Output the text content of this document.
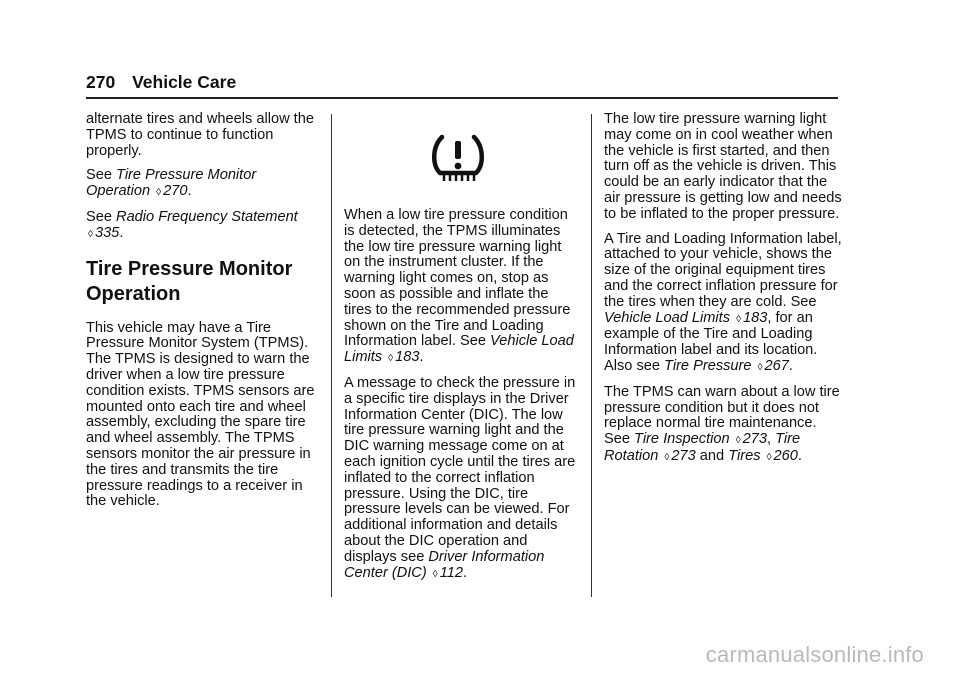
270 Vehicle Care

alternate tires and wheels allow the TPMS to continue to function properly.

See Tire Pressure Monitor Operation ◊ 270.

See Radio Frequency Statement ◊ 335.

Tire Pressure Monitor Operation

This vehicle may have a Tire Pressure Monitor System (TPMS). The TPMS is designed to warn the driver when a low tire pressure condition exists. TPMS sensors are mounted onto each tire and wheel assembly, excluding the spare tire and wheel assembly. The TPMS sensors monitor the air pressure in the tires and transmits the tire pressure readings to a receiver in the vehicle.

When a low tire pressure condition is detected, the TPMS illuminates the low tire pressure warning light on the instrument cluster. If the warning light comes on, stop as soon as possible and inflate the tires to the recommended pressure shown on the Tire and Loading Information label. See Vehicle Load Limits ◊ 183.

A message to check the pressure in a specific tire displays in the Driver Information Center (DIC). The low tire pressure warning light and the DIC warning message come on at each ignition cycle until the tires are inflated to the correct inflation pressure. Using the DIC, tire pressure levels can be viewed. For additional information and details about the DIC operation and displays see Driver Information Center (DIC) ◊ 112.

The low tire pressure warning light may come on in cool weather when the vehicle is first started, and then turn off as the vehicle is driven. This could be an early indicator that the air pressure is getting low and needs to be inflated to the proper pressure.

A Tire and Loading Information label, attached to your vehicle, shows the size of the original equipment tires and the correct inflation pressure for the tires when they are cold. See Vehicle Load Limits ◊ 183, for an example of the Tire and Loading Information label and its location. Also see Tire Pressure ◊ 267.

The TPMS can warn about a low tire pressure condition but it does not replace normal tire maintenance. See Tire Inspection ◊ 273, Tire Rotation ◊ 273 and Tires ◊ 260.

carmanualsonline.info
